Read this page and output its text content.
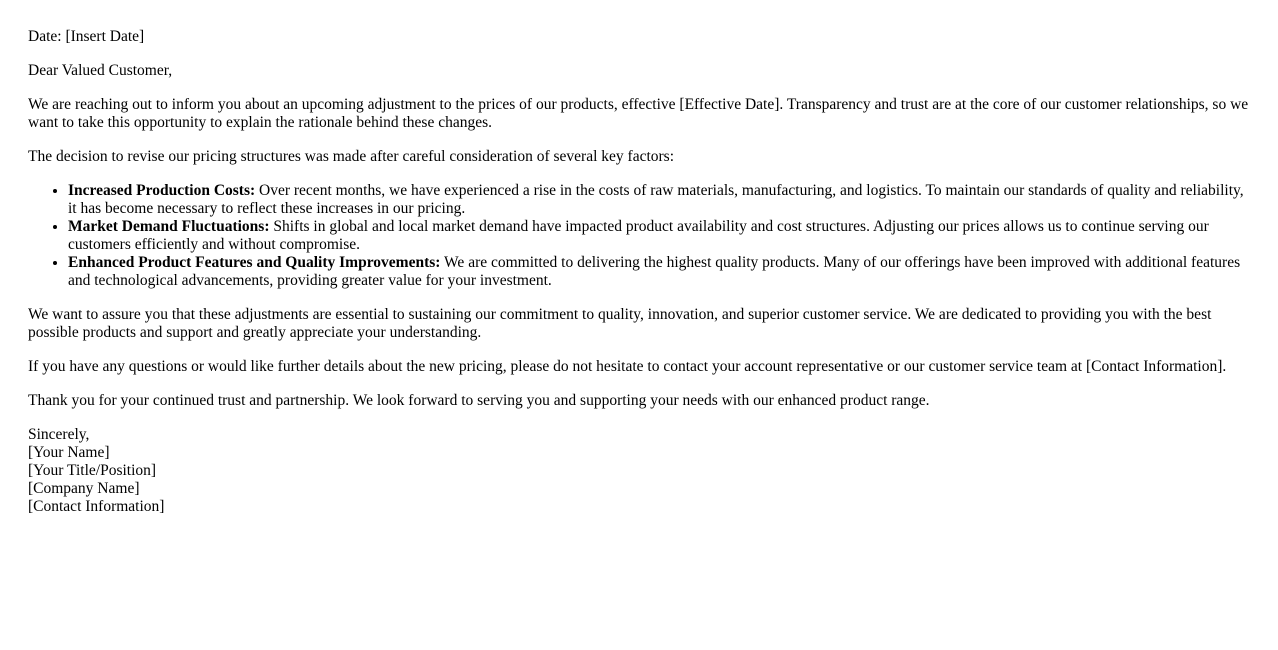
Date: [Insert Date]

Dear Valued Customer,

We are reaching out to inform you about an upcoming adjustment to the prices of our products, effective [Effective Date]. Transparency and trust are at the core of our customer relationships, so we want to take this opportunity to explain the rationale behind these changes.

The decision to revise our pricing structures was made after careful consideration of several key factors:

• Increased Production Costs: Over recent months, we have experienced a rise in the costs of raw materials, manufacturing, and logistics. To maintain our standards of quality and reliability, it has become necessary to reflect these increases in our pricing.
• Market Demand Fluctuations: Shifts in global and local market demand have impacted product availability and cost structures. Adjusting our prices allows us to continue serving our customers efficiently and without compromise.
• Enhanced Product Features and Quality Improvements: We are committed to delivering the highest quality products. Many of our offerings have been improved with additional features and technological advancements, providing greater value for your investment.

We want to assure you that these adjustments are essential to sustaining our commitment to quality, innovation, and superior customer service. We are dedicated to providing you with the best possible products and support and greatly appreciate your understanding.

If you have any questions or would like further details about the new pricing, please do not hesitate to contact your account representative or our customer service team at [Contact Information].

Thank you for your continued trust and partnership. We look forward to serving you and supporting your needs with our enhanced product range.

Sincerely,
[Your Name]
[Your Title/Position]
[Company Name]
[Contact Information]
